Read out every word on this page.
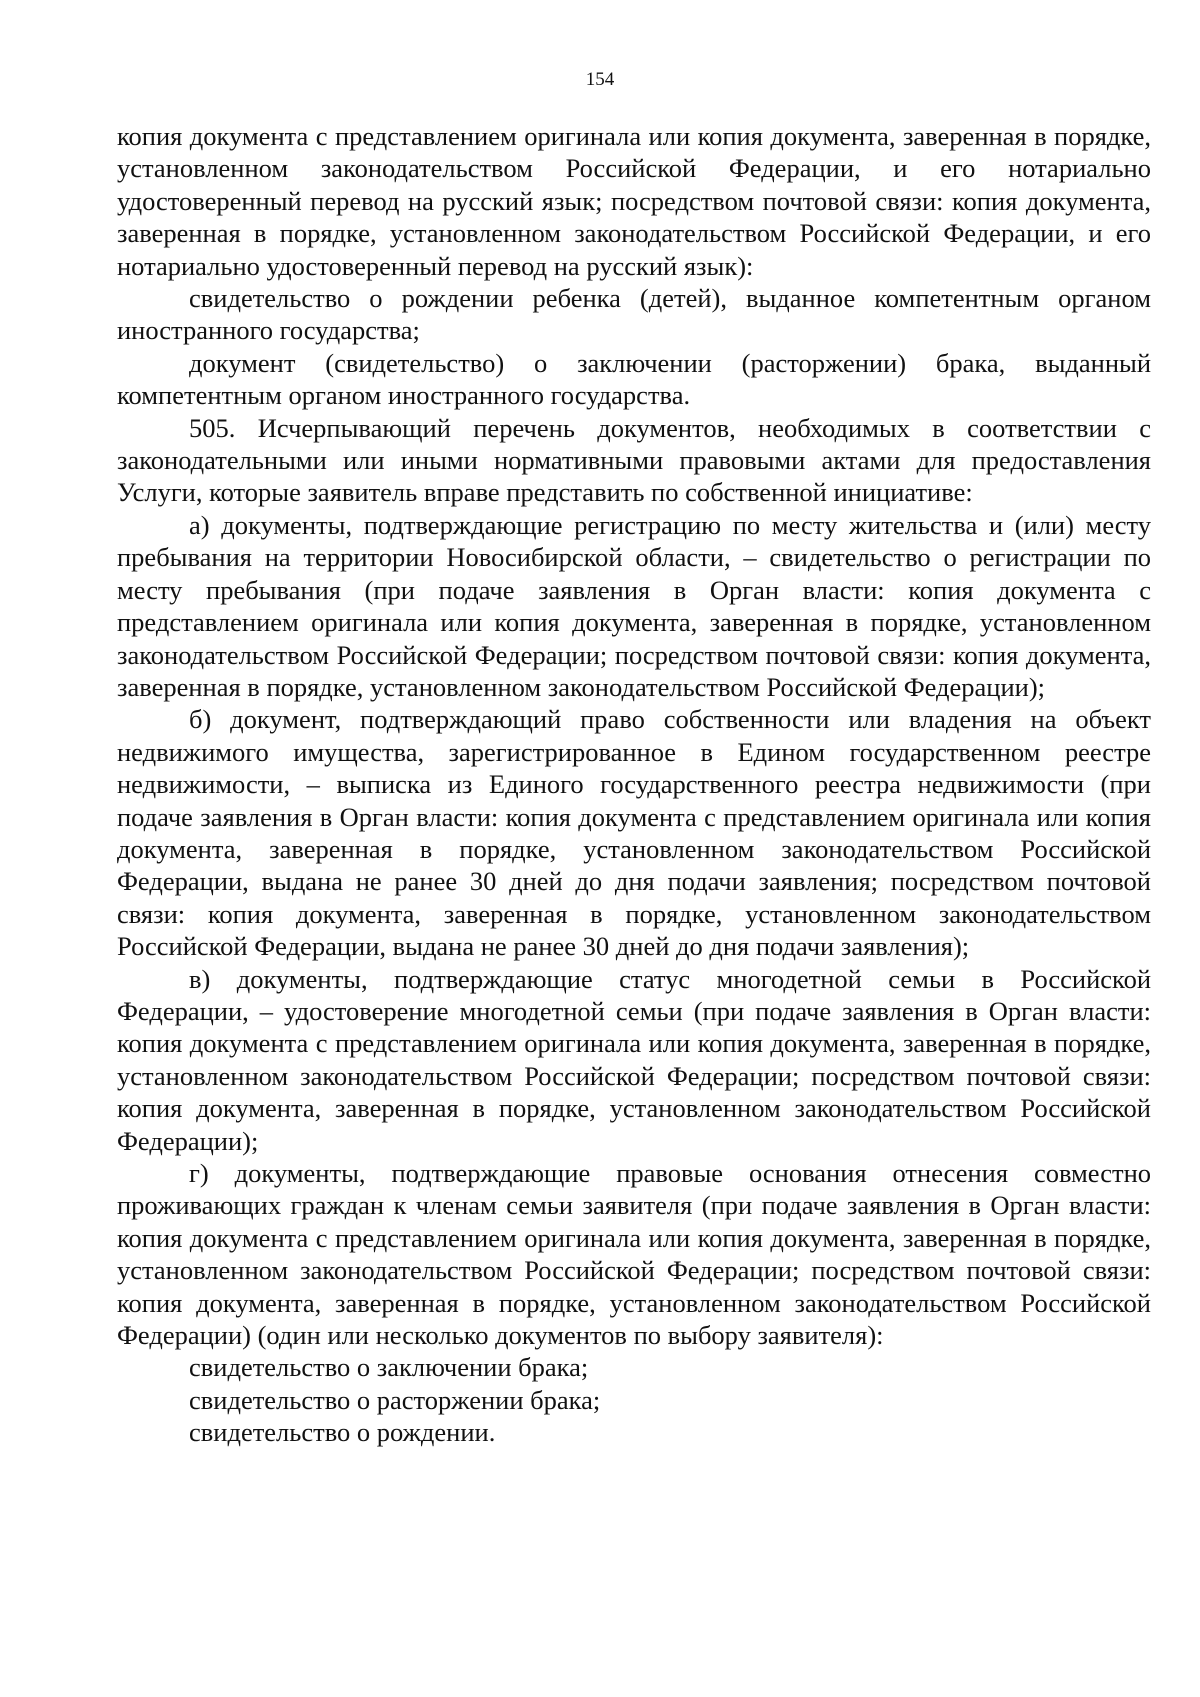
154

копия документа с представлением оригинала или копия документа, заверенная в порядке, установленном законодательством Российской Федерации, и его нотариально удостоверенный перевод на русский язык; посредством почтовой связи: копия документа, заверенная в порядке, установленном законодательством Российской Федерации, и его нотариально удостоверенный перевод на русский язык):

свидетельство о рождении ребенка (детей), выданное компетентным органом иностранного государства;

документ (свидетельство) о заключении (расторжении) брака, выданный компетентным органом иностранного государства.

505. Исчерпывающий перечень документов, необходимых в соответствии с законодательными или иными нормативными правовыми актами для предоставления Услуги, которые заявитель вправе представить по собственной инициативе:

а) документы, подтверждающие регистрацию по месту жительства и (или) месту пребывания на территории Новосибирской области, – свидетельство о регистрации по месту пребывания (при подаче заявления в Орган власти: копия документа с представлением оригинала или копия документа, заверенная в порядке, установленном законодательством Российской Федерации; посредством почтовой связи: копия документа, заверенная в порядке, установленном законодательством Российской Федерации);

б) документ, подтверждающий право собственности или владения на объект недвижимого имущества, зарегистрированное в Едином государственном реестре недвижимости, – выписка из Единого государственного реестра недвижимости (при подаче заявления в Орган власти: копия документа с представлением оригинала или копия документа, заверенная в порядке, установленном законодательством Российской Федерации, выдана не ранее 30 дней до дня подачи заявления; посредством почтовой связи: копия документа, заверенная в порядке, установленном законодательством Российской Федерации, выдана не ранее 30 дней до дня подачи заявления);

в) документы, подтверждающие статус многодетной семьи в Российской Федерации, – удостоверение многодетной семьи (при подаче заявления в Орган власти: копия документа с представлением оригинала или копия документа, заверенная в порядке, установленном законодательством Российской Федерации; посредством почтовой связи: копия документа, заверенная в порядке, установленном законодательством Российской Федерации);

г) документы, подтверждающие правовые основания отнесения совместно проживающих граждан к членам семьи заявителя (при подаче заявления в Орган власти: копия документа с представлением оригинала или копия документа, заверенная в порядке, установленном законодательством Российской Федерации; посредством почтовой связи: копия документа, заверенная в порядке, установленном законодательством Российской Федерации) (один или несколько документов по выбору заявителя):

свидетельство о заключении брака;

свидетельство о расторжении брака;

свидетельство о рождении.
